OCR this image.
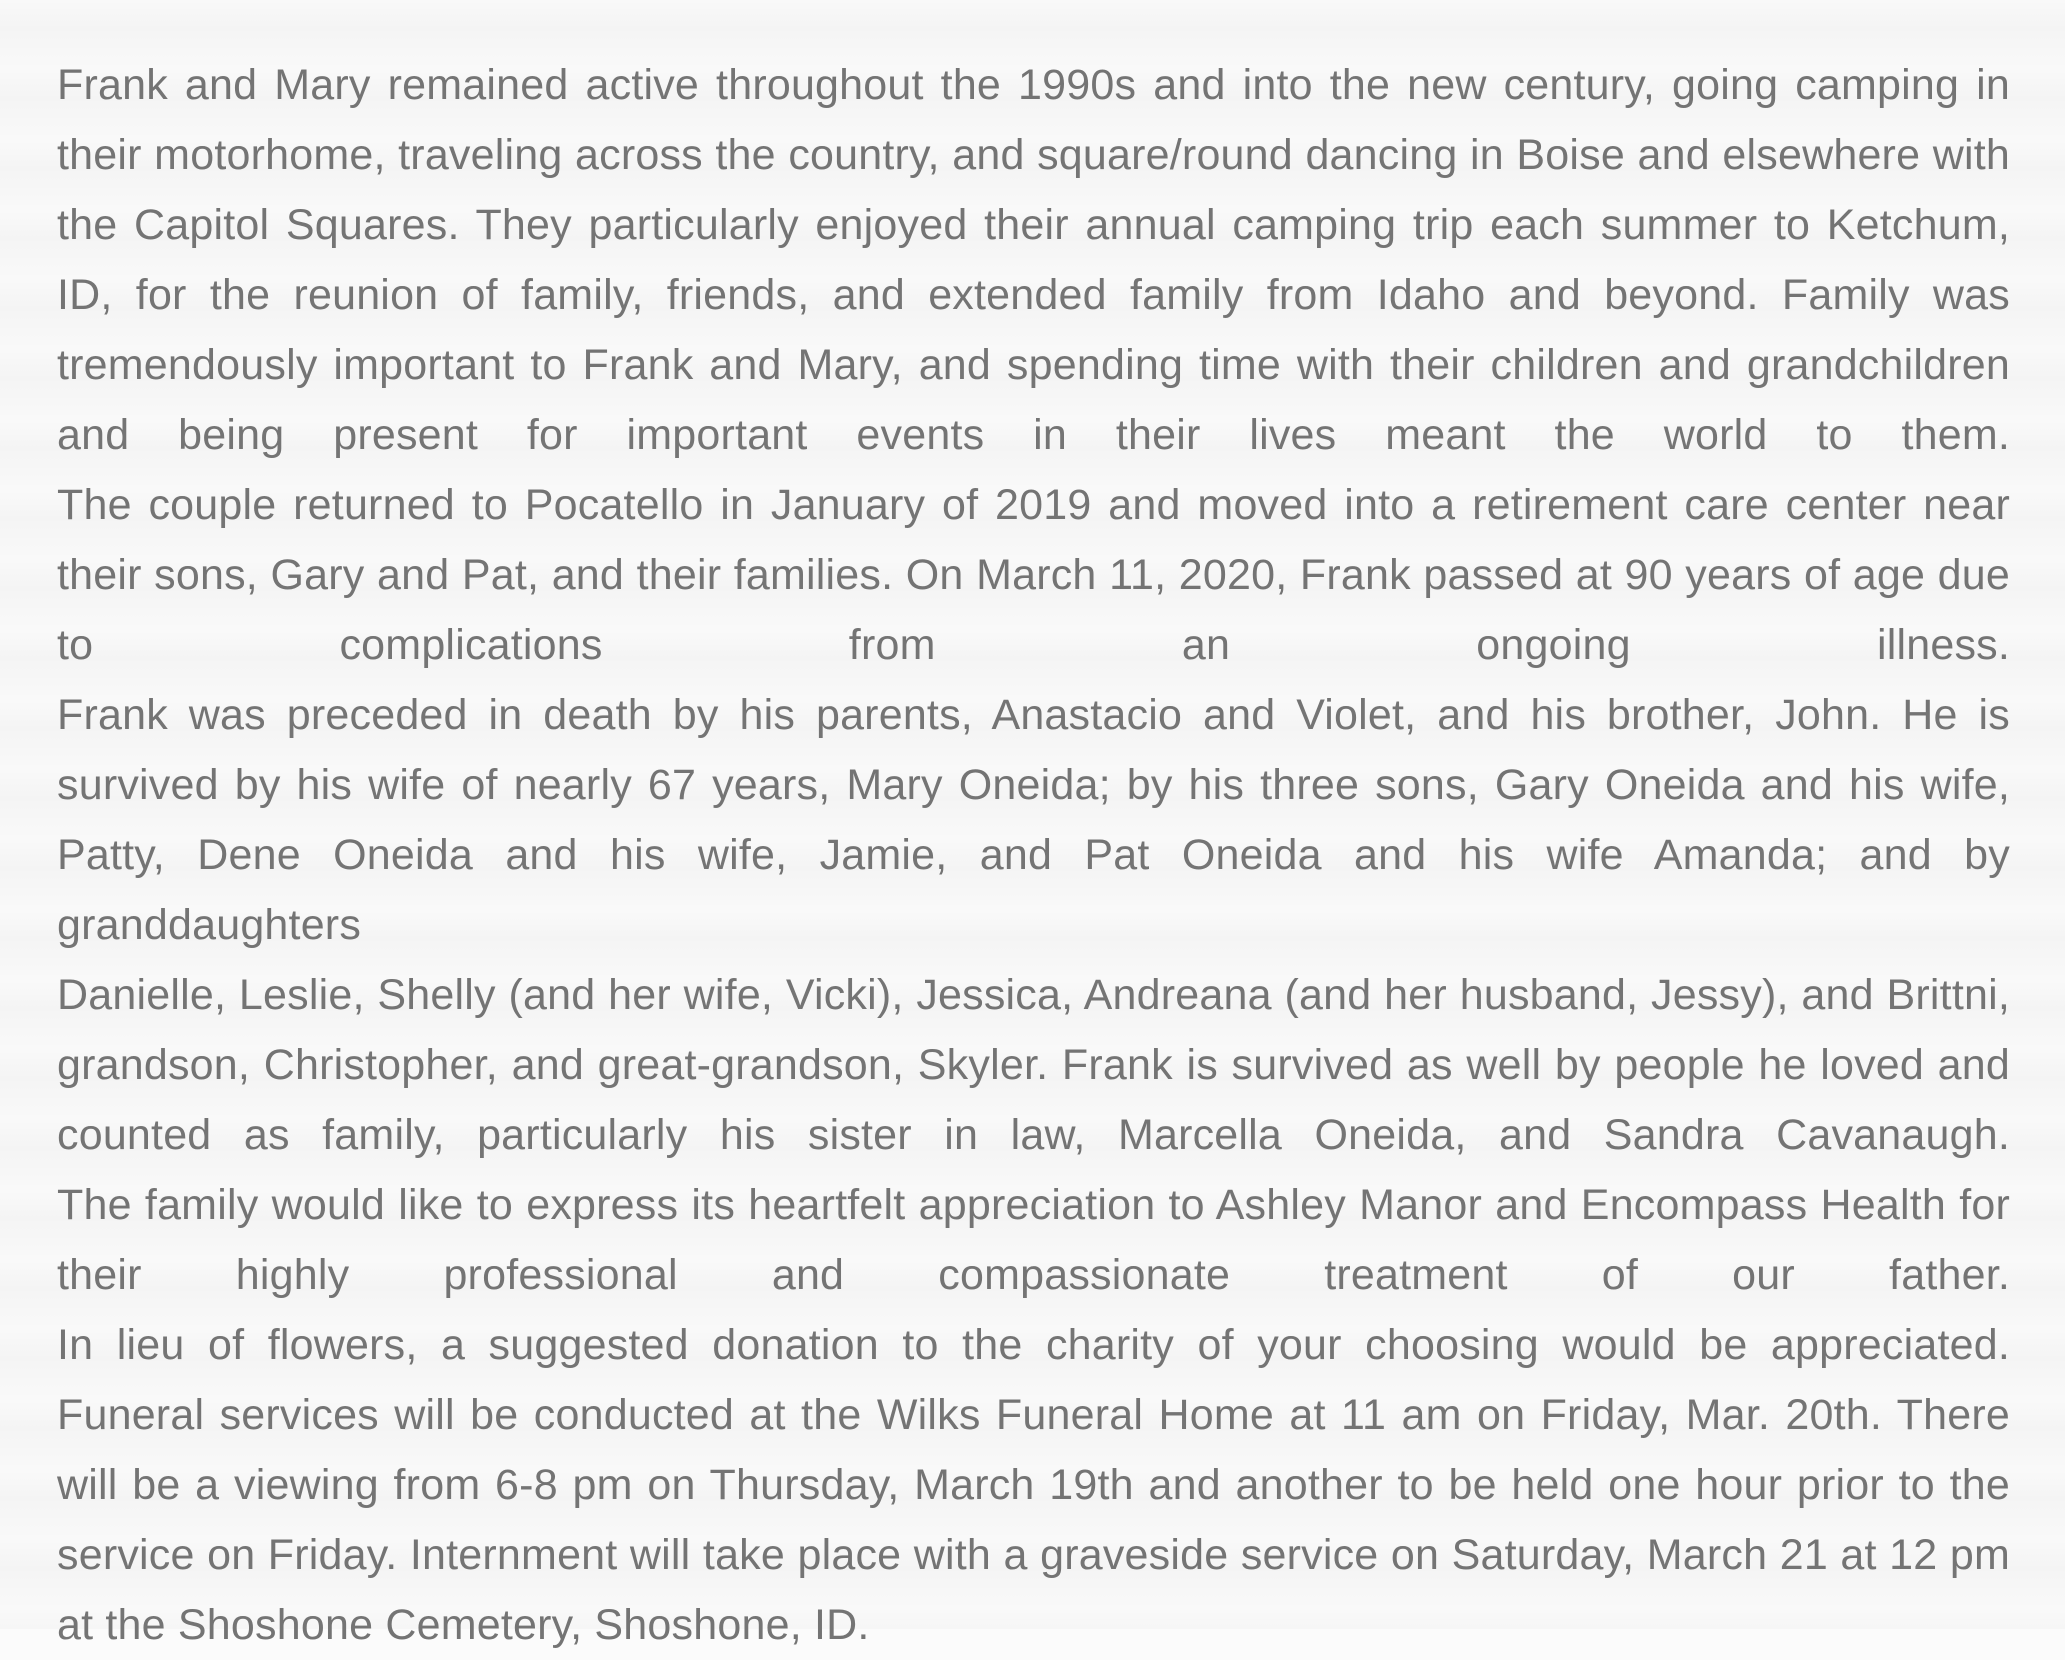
Frank and Mary remained active throughout the 1990s and into the new century, going camping in
their motorhome, traveling across the country, and square/round dancing in Boise and elsewhere with
the Capitol Squares. They particularly enjoyed their annual camping trip each summer to Ketchum,
ID, for the reunion of family, friends, and extended family from Idaho and beyond. Family was
tremendously important to Frank and Mary, and spending time with their children and grandchildren
and being present for important events in their lives meant the world to them.
The couple returned to Pocatello in January of 2019 and moved into a retirement care center near
their sons, Gary and Pat, and their families. On March 11, 2020, Frank passed at 90 years of age due
to complications from an ongoing illness.
Frank was preceded in death by his parents, Anastacio and Violet, and his brother, John. He is
survived by his wife of nearly 67 years, Mary Oneida; by his three sons, Gary Oneida and his wife,
Patty, Dene Oneida and his wife, Jamie, and Pat Oneida and his wife Amanda; and by granddaughters
Danielle, Leslie, Shelly (and her wife, Vicki), Jessica, Andreana (and her husband, Jessy), and Brittni,
grandson, Christopher, and great-grandson, Skyler. Frank is survived as well by people he loved and
counted as family, particularly his sister in law, Marcella Oneida, and Sandra Cavanaugh.
The family would like to express its heartfelt appreciation to Ashley Manor and Encompass Health for
their highly professional and compassionate treatment of our father.
In lieu of flowers, a suggested donation to the charity of your choosing would be appreciated.
Funeral services will be conducted at the Wilks Funeral Home at 11 am on Friday, Mar. 20th. There
will be a viewing from 6-8 pm on Thursday, March 19th and another to be held one hour prior to the
service on Friday. Internment will take place with a graveside service on Saturday, March 21 at 12 pm
at the Shoshone Cemetery, Shoshone, ID.
